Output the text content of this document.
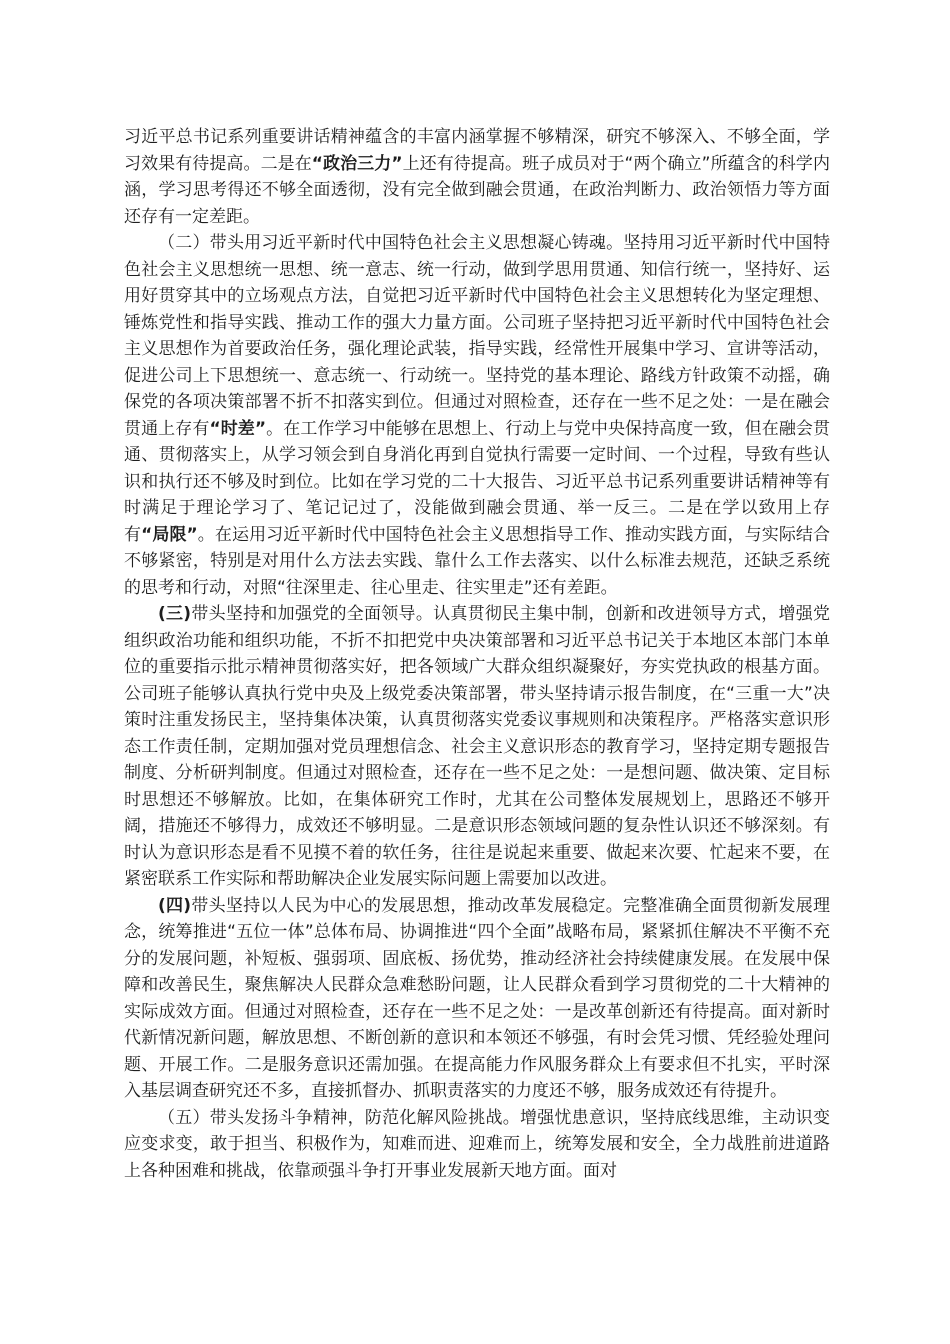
习近平总书记系列重要讲话精神蕴含的丰富内涵掌握不够精深，研究不够深入、不够全面，学习效果有待提高。二是在“政治三力”上还有待提高。班子成员对于“两个确立”所蕴含的科学内涵，学习思考得还不够全面透彻，没有完全做到融会贯通，在政治判断力、政治领悟力等方面还存有一定差距。

（二）带头用习近平新时代中国特色社会主义思想凝心铸魂。坚持用习近平新时代中国特色社会主义思想统一思想、统一意志、统一行动，做到学思用贯通、知信行统一，坚持好、运用好贯穿其中的立场观点方法，自觉把习近平新时代中国特色社会主义思想转化为坚定理想、锤炼党性和指导实践、推动工作的强大力量方面。公司班子坚持把习近平新时代中国特色社会主义思想作为首要政治任务，强化理论武装，指导实践，经常性开展集中学习、宣讲等活动，促进公司上下思想统一、意志统一、行动统一。坚持党的基本理论、路线方针政策不动摇，确保党的各项决策部署不折不扣落实到位。但通过对照检查，还存在一些不足之处：一是在融会贯通上存有“时差”。在工作学习中能够在思想上、行动上与党中央保持高度一致，但在融会贯通、贯彻落实上，从学习领会到自身消化再到自觉执行需要一定时间、一个过程，导致有些认识和执行还不够及时到位。比如在学习党的二十大报告、习近平总书记系列重要讲话精神等有时满足于理论学习了、笔记记过了，没能做到融会贯通、举一反三。二是在学以致用上存有“局限”。在运用习近平新时代中国特色社会主义思想指导工作、推动实践方面，与实际结合不够紧密，特别是对用什么方法去实践、靠什么工作去落实、以什么标准去规范，还缺乏系统的思考和行动，对照“往深里走、往心里走、往实里走”还有差距。

(三)带头坚持和加强党的全面领导。认真贯彻民主集中制，创新和改进领导方式，增强党组织政治功能和组织功能，不折不扣把党中央决策部署和习近平总书记关于本地区本部门本单位的重要指示批示精神贯彻落实好，把各领域广大群众组织凝聚好，夯实党执政的根基方面。公司班子能够认真执行党中央及上级党委决策部署，带头坚持请示报告制度，在“三重一大”决策时注重发扬民主，坚持集体决策，认真贯彻落实党委议事规则和决策程序。严格落实意识形态工作责任制，定期加强对党员理想信念、社会主义意识形态的教育学习，坚持定期专题报告制度、分析研判制度。但通过对照检查，还存在一些不足之处：一是想问题、做决策、定目标时思想还不够解放。比如，在集体研究工作时，尤其在公司整体发展规划上，思路还不够开阔，措施还不够得力，成效还不够明显。二是意识形态领域问题的复杂性认识还不够深刻。有时认为意识形态是看不见摸不着的软任务，往往是说起来重要、做起来次要、忙起来不要，在紧密联系工作实际和帮助解决企业发展实际问题上需要加以改进。

(四)带头坚持以人民为中心的发展思想，推动改革发展稳定。完整准确全面贯彻新发展理念，统筹推进“五位一体”总体布局、协调推进“四个全面”战略布局，紧紧抓住解决不平衡不充分的发展问题，补短板、强弱项、固底板、扬优势，推动经济社会持续健康发展。在发展中保障和改善民生，聚焦解决人民群众急难愁盼问题，让人民群众看到学习贯彻党的二十大精神的实际成效方面。但通过对照检查，还存在一些不足之处：一是改革创新还有待提高。面对新时代新情况新问题，解放思想、不断创新的意识和本领还不够强，有时会凭习惯、凭经验处理问题、开展工作。二是服务意识还需加强。在提高能力作风服务群众上有要求但不扎实，平时深入基层调查研究还不多，直接抓督办、抓职责落实的力度还不够，服务成效还有待提升。

（五）带头发扬斗争精神，防范化解风险挑战。增强忧患意识，坚持底线思维，主动识变应变求变，敢于担当、积极作为，知难而进、迎难而上，统筹发展和安全，全力战胜前进道路上各种困难和挑战，依靠顽强斗争打开事业发展新天地方面。面对
